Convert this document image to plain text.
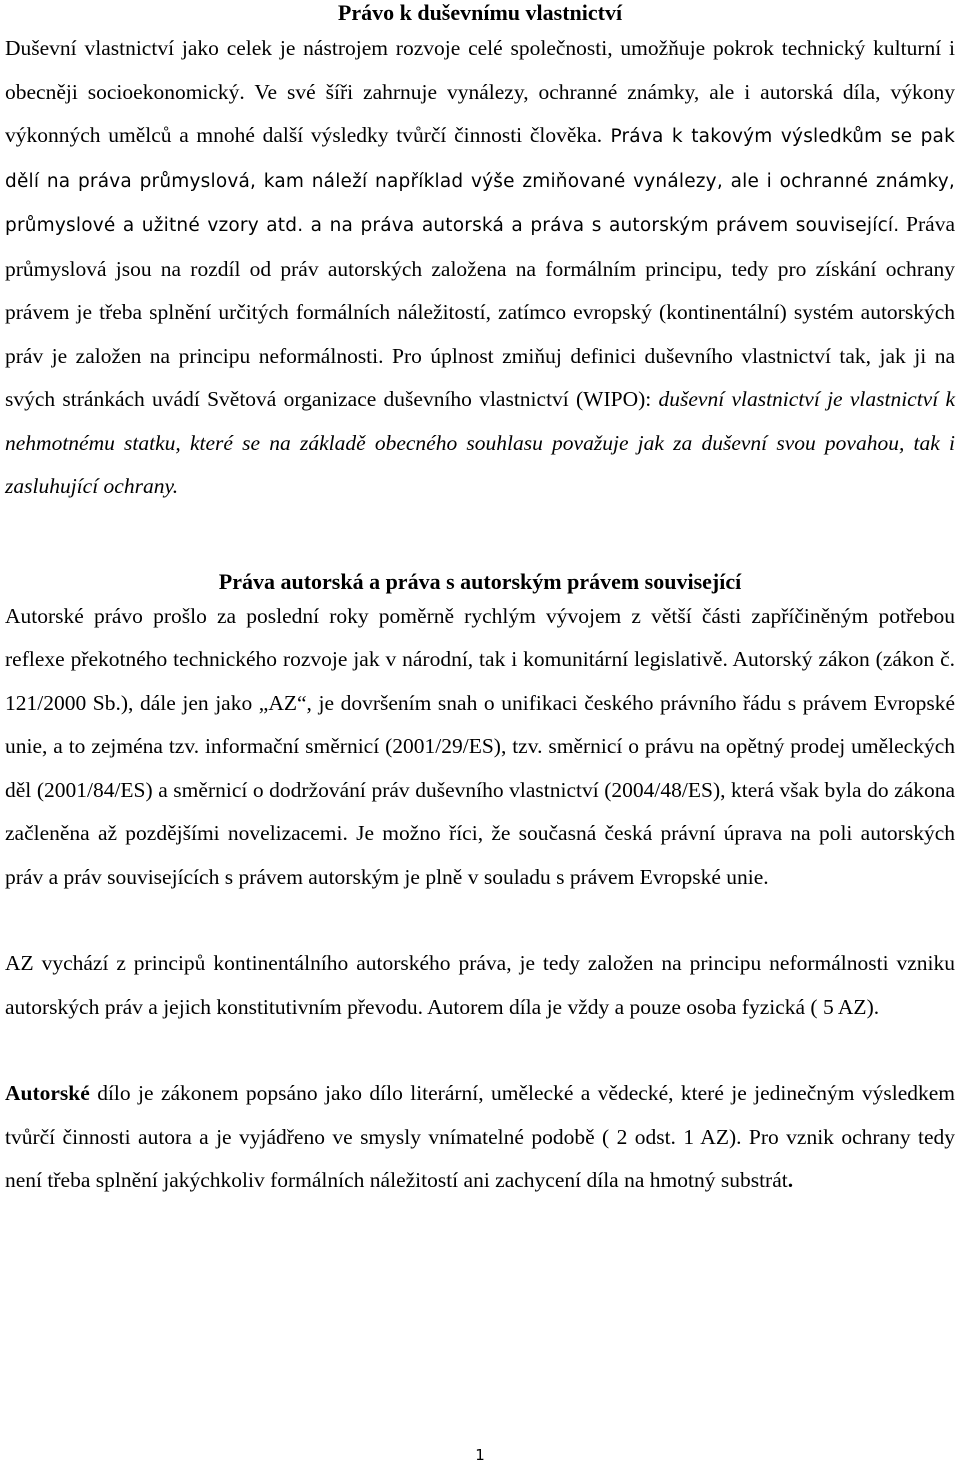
Právo k duševnímu vlastnictví

Duševní vlastnictví jako celek je nástrojem rozvoje celé společnosti, umožňuje pokrok technický kulturní i obecněji socioekonomický. Ve své šíři zahrnuje vynálezy, ochranné známky, ale i autorská díla, výkony výkonných umělců a mnohé další výsledky tvůrčí činnosti člověka. Práva k takovým výsledkům se pak dělí na práva průmyslová, kam náleží například výše zmiňované vynálezy, ale i ochranné známky, průmyslové a užitné vzory atd. a na práva autorská a práva s autorským právem související. Práva průmyslová jsou na rozdíl od práv autorských založena na formálním principu, tedy pro získání ochrany právem je třeba splnění určitých formálních náležitostí, zatímco evropský (kontinentální) systém autorských práv je založen na principu neformálnosti. Pro úplnost zmiňuj definici duševního vlastnictví tak, jak ji na svých stránkách uvádí Světová organizace duševního vlastnictví (WIPO): duševní vlastnictví je vlastnictví k nehmotnému statku, které se na základě obecného souhlasu považuje jak za duševní svou povahou, tak i zasluhující ochrany.

Práva autorská a práva s autorským právem související

Autorské právo prošlo za poslední roky poměrně rychlým vývojem z větší části zapříčiněným potřebou reflexe překotného technického rozvoje jak v národní, tak i komunitární legislativě. Autorský zákon (zákon č. 121/2000 Sb.), dále jen jako „AZ“, je dovršením snah o unifikaci českého právního řádu s právem Evropské unie, a to zejména tzv. informační směrnicí (2001/29/ES), tzv. směrnicí o právu na opětný prodej uměleckých děl (2001/84/ES) a směrnicí o dodržování práv duševního vlastnictví (2004/48/ES), která však byla do zákona začleněna až pozdějšími novelizacemi. Je možno říci, že současná česká právní úprava na poli autorských práv a práv souvisejících s právem autorským je plně v souladu s právem Evropské unie.

AZ vychází z principů kontinentálního autorského práva, je tedy založen na principu neformálnosti vzniku autorských práv a jejich konstitutivním převodu. Autorem díla je vždy a pouze osoba fyzická ( 5 AZ).

Autorské dílo je zákonem popsáno jako dílo literární, umělecké a vědecké, které je jedinečným výsledkem tvůrčí činnosti autora a je vyjádřeno ve smysly vnímatelné podobě ( 2 odst. 1 AZ). Pro vznik ochrany tedy není třeba splnění jakýchkoliv formálních náležitostí ani zachycení díla na hmotný substrát.

1
